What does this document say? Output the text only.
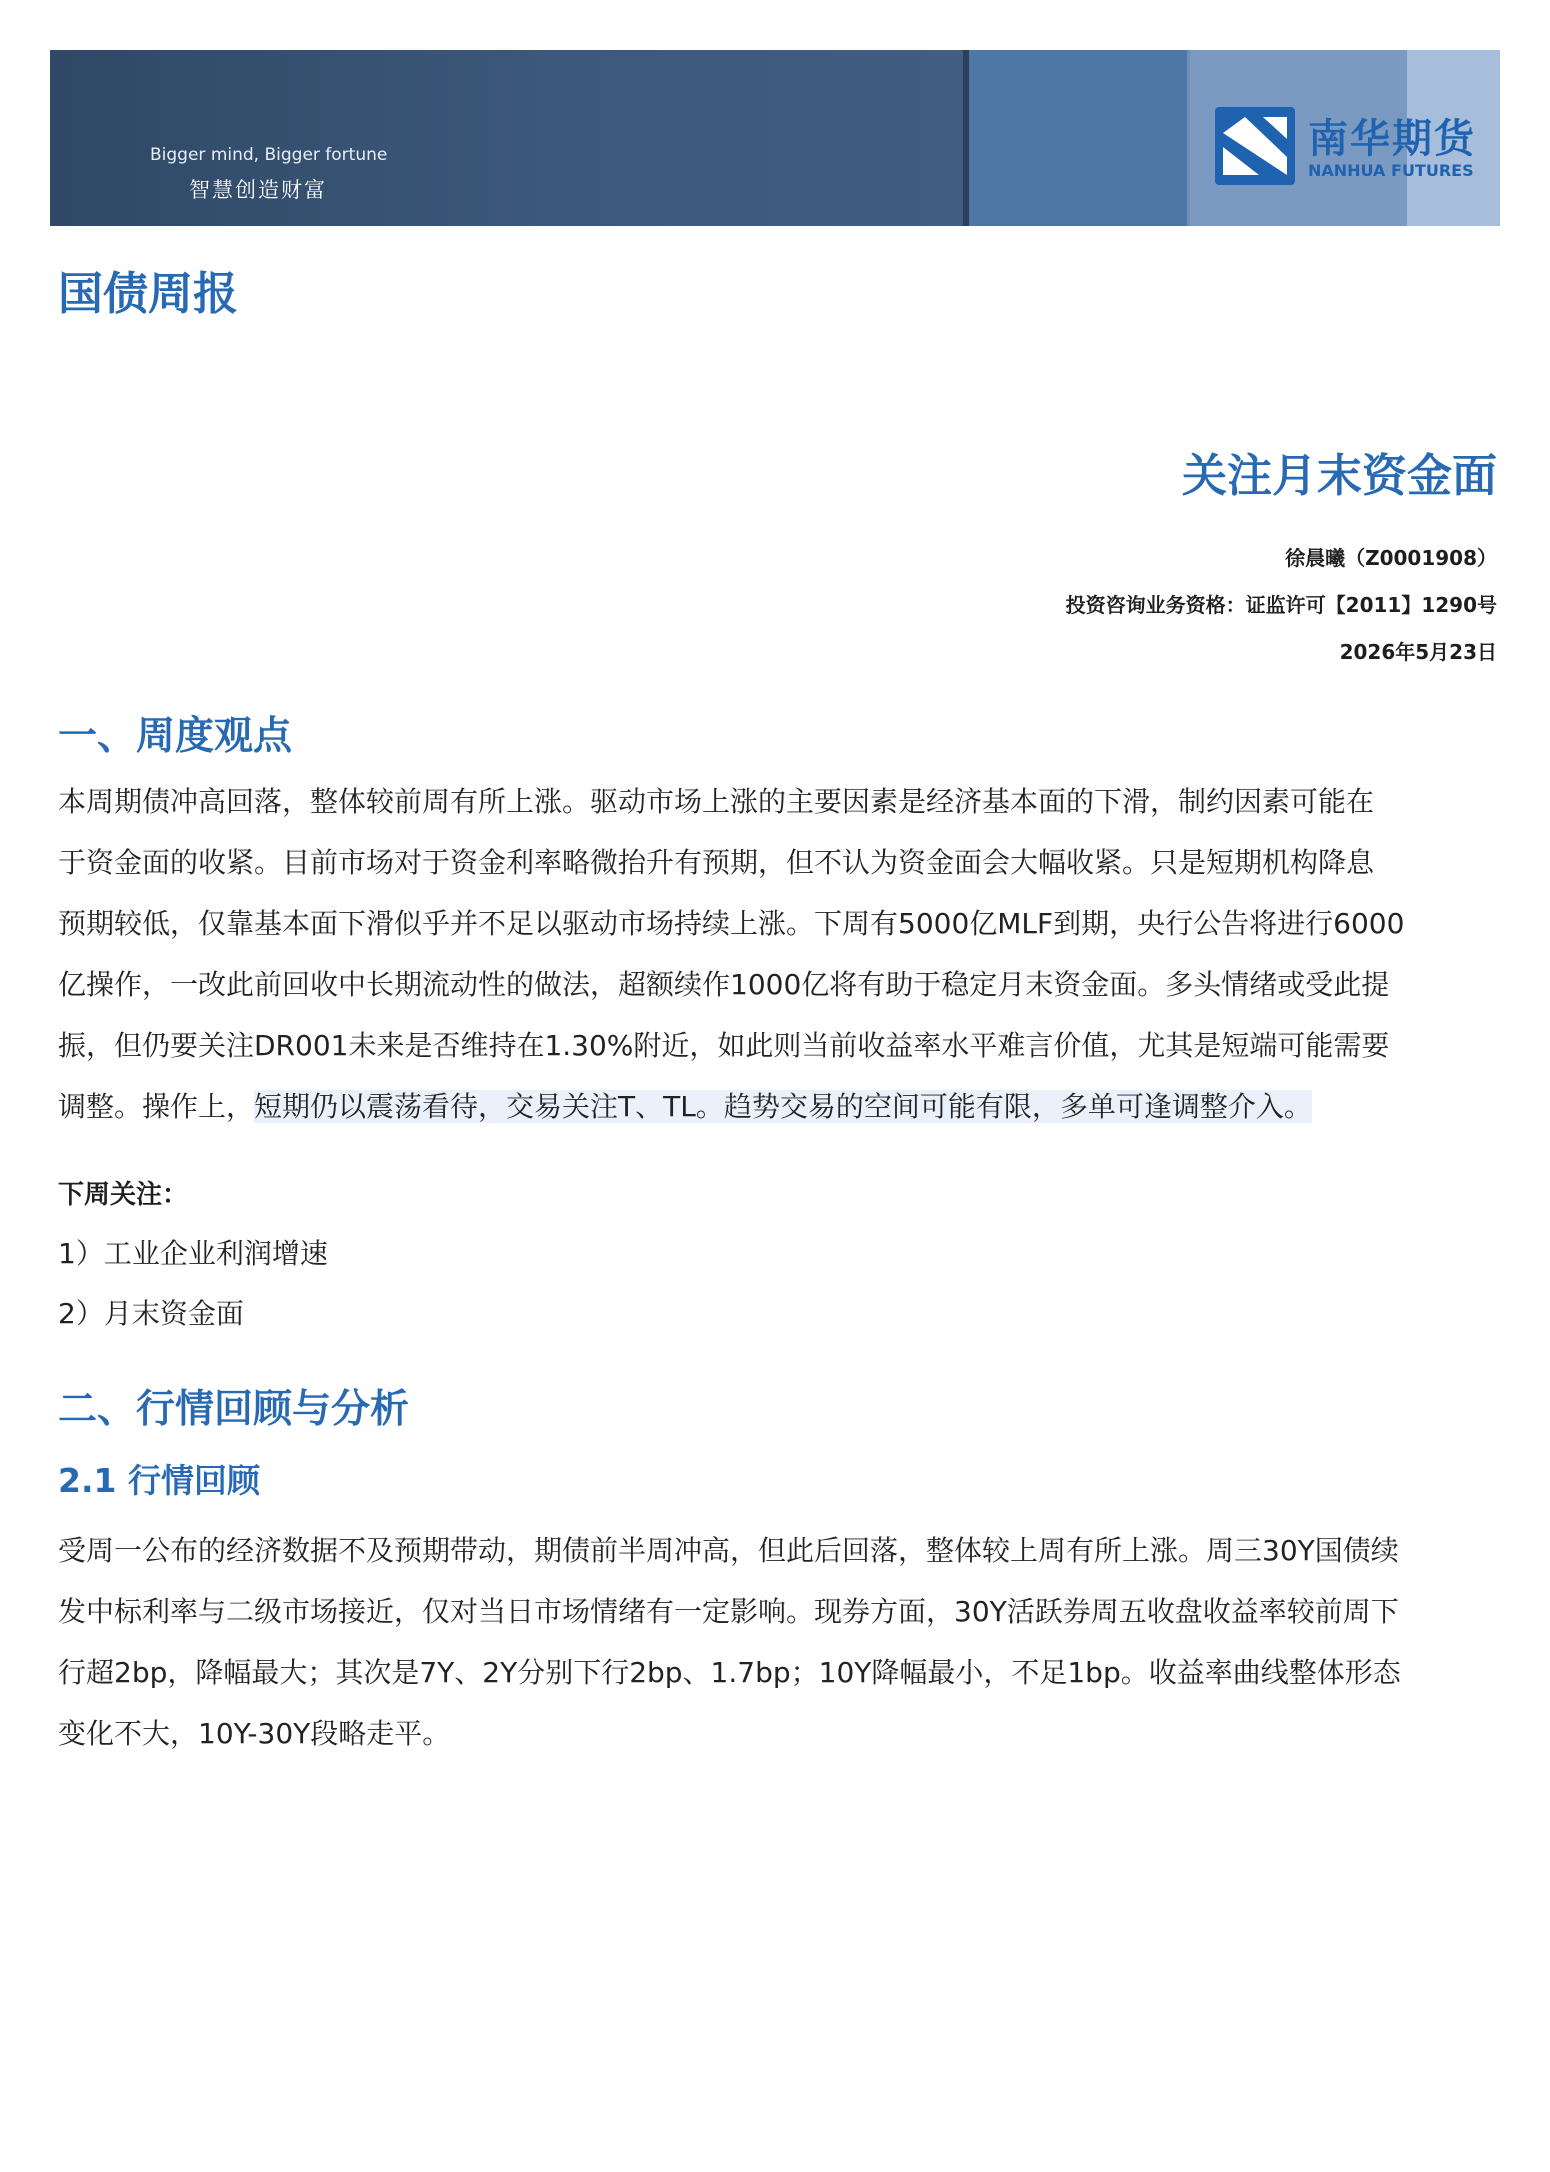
Bigger mind, Bigger fortune
智慧创造财富
南华期货
NANHUA FUTURES
国债周报
关注月末资金面
徐晨曦（Z0001908）
投资咨询业务资格：证监许可【2011】1290号
2026年5月23日
一、周度观点
本周期债冲高回落，整体较前周有所上涨。驱动市场上涨的主要因素是经济基本面的下滑，制约因素可能在
于资金面的收紧。目前市场对于资金利率略微抬升有预期，但不认为资金面会大幅收紧。只是短期机构降息
预期较低，仅靠基本面下滑似乎并不足以驱动市场持续上涨。下周有5000亿MLF到期，央行公告将进行6000
亿操作，一改此前回收中长期流动性的做法，超额续作1000亿将有助于稳定月末资金面。多头情绪或受此提
振，但仍要关注DR001未来是否维持在1.30%附近，如此则当前收益率水平难言价值，尤其是短端可能需要
调整。操作上，短期仍以震荡看待，交易关注T、TL。趋势交易的空间可能有限，多单可逢调整介入。
下周关注：
1）工业企业利润增速
2）月末资金面
二、行情回顾与分析
2.1 行情回顾
受周一公布的经济数据不及预期带动，期债前半周冲高，但此后回落，整体较上周有所上涨。周三30Y国债续
发中标利率与二级市场接近，仅对当日市场情绪有一定影响。现券方面，30Y活跃券周五收盘收益率较前周下
行超2bp，降幅最大；其次是7Y、2Y分别下行2bp、1.7bp；10Y降幅最小，不足1bp。收益率曲线整体形态
变化不大，10Y-30Y段略走平。
